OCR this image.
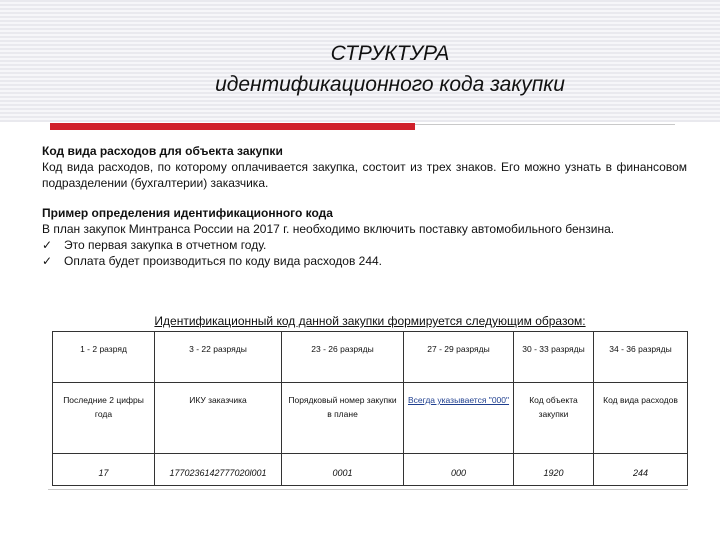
СТРУКТУРА
идентификационного кода закупки

Код вида расходов для объекта закупки

Код вида расходов, по которому оплачивается закупка, состоит из трех знаков. Его можно узнать в финансовом подразделении (бухгалтерии) заказчика.

Пример определения идентификационного кода

В план закупок Минтранса России на 2017 г. необходимо включить поставку автомобильного бензина.

✓ Это первая закупка в отчетном году.

✓ Оплата будет производиться по коду вида расходов 244.

Идентификационный код данной закупки формируется следующим образом:
1 - 2 разряд	3 - 22 разряды	23 - 26 разряды	27 - 29 разряды	30 - 33 разряды	34 - 36 разряды
Последние 2 цифры года	ИКУ заказчика	Порядковый номер закупки в плане	Всегда указывается "000"	Код объекта закупки	Код вида расходов
17	1770236142777020l001	0001	000	1920	244
